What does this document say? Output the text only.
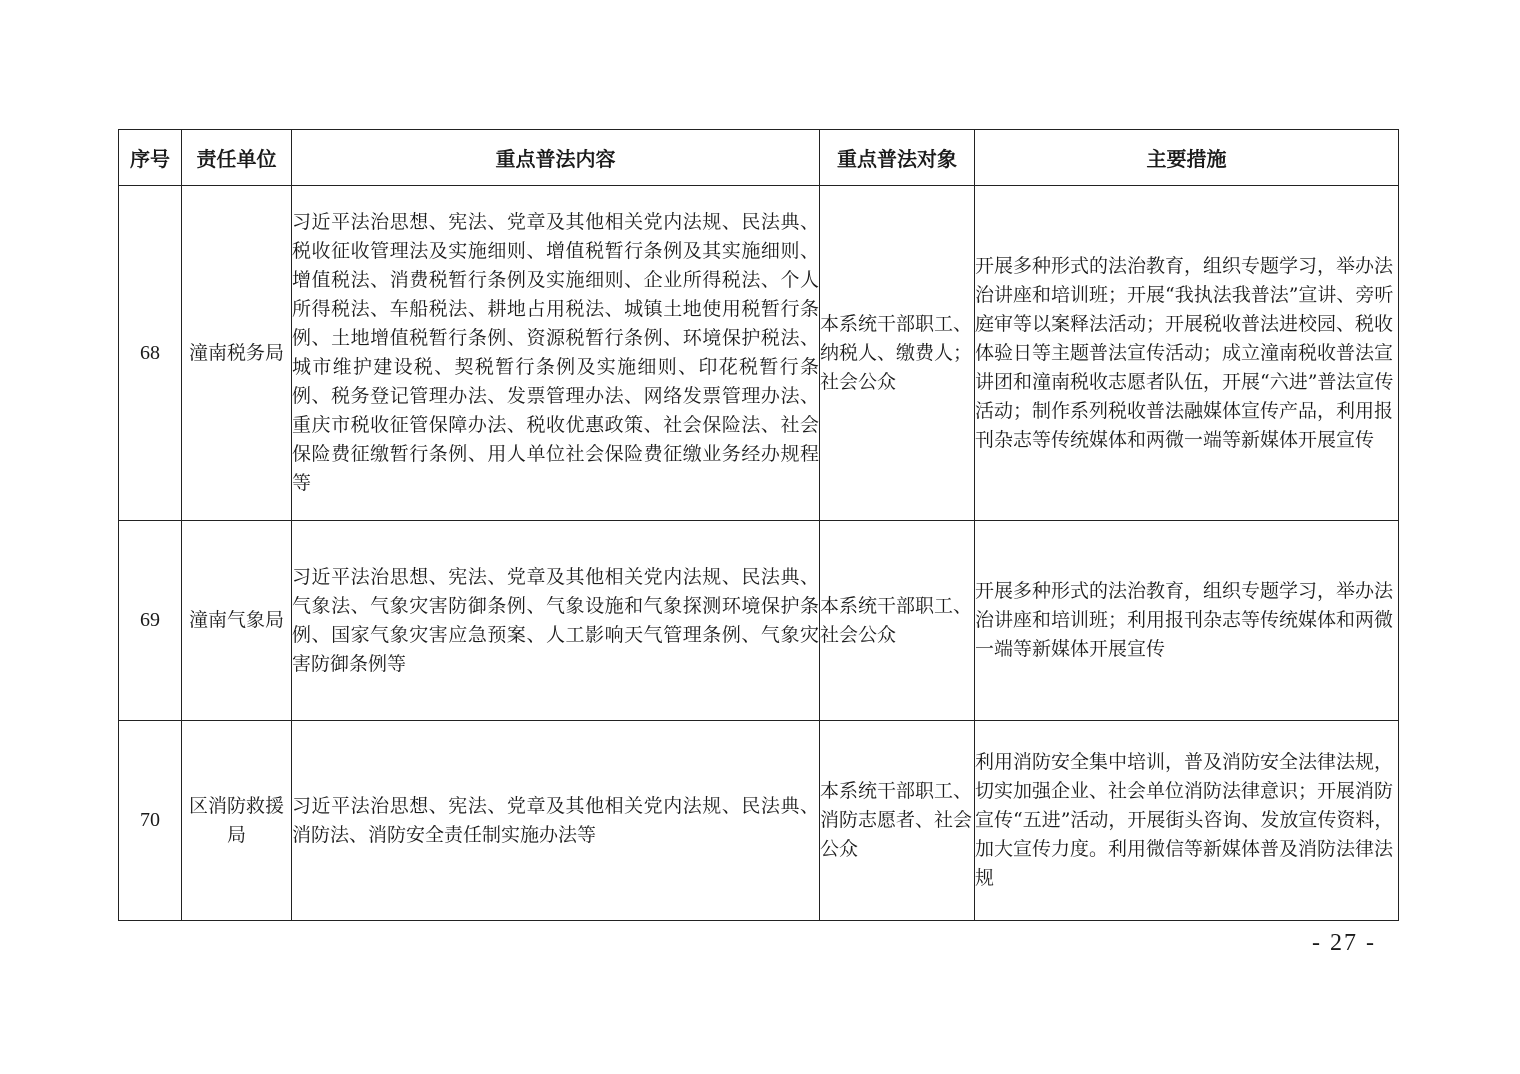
序号	责任单位	重点普法内容	重点普法对象	主要措施
68	潼南税务局	习近平法治思想、宪法、党章及其他相关党内法规、民法典、税收征收管理法及实施细则、增值税暂行条例及其实施细则、增值税法、消费税暂行条例及实施细则、企业所得税法、个人所得税法、车船税法、耕地占用税法、城镇土地使用税暂行条例、土地增值税暂行条例、资源税暂行条例、环境保护税法、城市维护建设税、契税暂行条例及实施细则、印花税暂行条例、税务登记管理办法、发票管理办法、网络发票管理办法、重庆市税收征管保障办法、税收优惠政策、社会保险法、社会保险费征缴暂行条例、用人单位社会保险费征缴业务经办规程等	本系统干部职工、纳税人、缴费人；社会公众	开展多种形式的法治教育，组织专题学习，举办法治讲座和培训班；开展“我执法我普法”宣讲、旁听庭审等以案释法活动；开展税收普法进校园、税收体验日等主题普法宣传活动；成立潼南税收普法宣讲团和潼南税收志愿者队伍，开展“六进”普法宣传活动；制作系列税收普法融媒体宣传产品，利用报刊杂志等传统媒体和两微一端等新媒体开展宣传
69	潼南气象局	习近平法治思想、宪法、党章及其他相关党内法规、民法典、气象法、气象灾害防御条例、气象设施和气象探测环境保护条例、国家气象灾害应急预案、人工影响天气管理条例、气象灾害防御条例等	本系统干部职工、社会公众	开展多种形式的法治教育，组织专题学习，举办法治讲座和培训班；利用报刊杂志等传统媒体和两微一端等新媒体开展宣传
70	区消防救援局	习近平法治思想、宪法、党章及其他相关党内法规、民法典、消防法、消防安全责任制实施办法等	本系统干部职工、消防志愿者、社会公众	利用消防安全集中培训，普及消防安全法律法规，切实加强企业、社会单位消防法律意识；开展消防宣传“五进”活动，开展街头咨询、发放宣传资料，加大宣传力度。利用微信等新媒体普及消防法律法规
- 27 -
